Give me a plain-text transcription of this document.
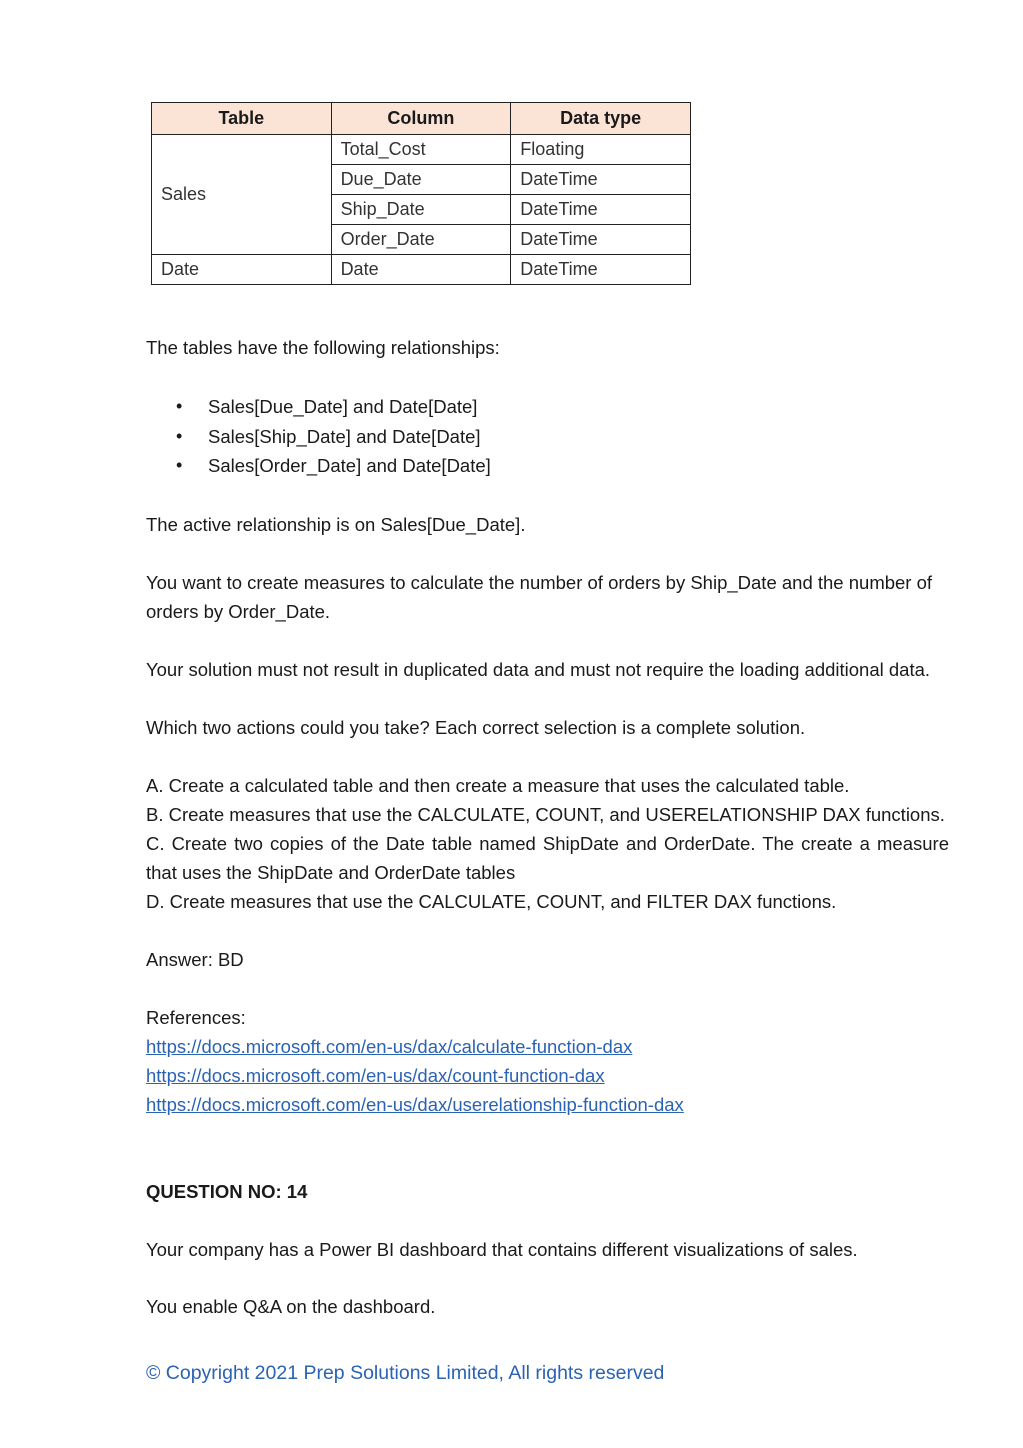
Table	Column	Data type
Sales	Total_Cost	Floating
	Due_Date	DateTime
	Ship_Date	DateTime
	Order_Date	DateTime
Date	Date	DateTime
The tables have the following relationships:
• Sales[Due_Date] and Date[Date]
• Sales[Ship_Date] and Date[Date]
• Sales[Order_Date] and Date[Date]
The active relationship is on Sales[Due_Date].
You want to create measures to calculate the number of orders by Ship_Date and the number of orders by Order_Date.
Your solution must not result in duplicated data and must not require the loading additional data.
Which two actions could you take? Each correct selection is a complete solution.
A. Create a calculated table and then create a measure that uses the calculated table.
B. Create measures that use the CALCULATE, COUNT, and USERELATIONSHIP DAX functions.
C. Create two copies of the Date table named ShipDate and OrderDate. The create a measure that uses the ShipDate and OrderDate tables
D. Create measures that use the CALCULATE, COUNT, and FILTER DAX functions.
Answer: BD
References:
https://docs.microsoft.com/en-us/dax/calculate-function-dax
https://docs.microsoft.com/en-us/dax/count-function-dax
https://docs.microsoft.com/en-us/dax/userelationship-function-dax
QUESTION NO: 14
Your company has a Power BI dashboard that contains different visualizations of sales.
You enable Q&A on the dashboard.
© Copyright 2021 Prep Solutions Limited, All rights reserved
